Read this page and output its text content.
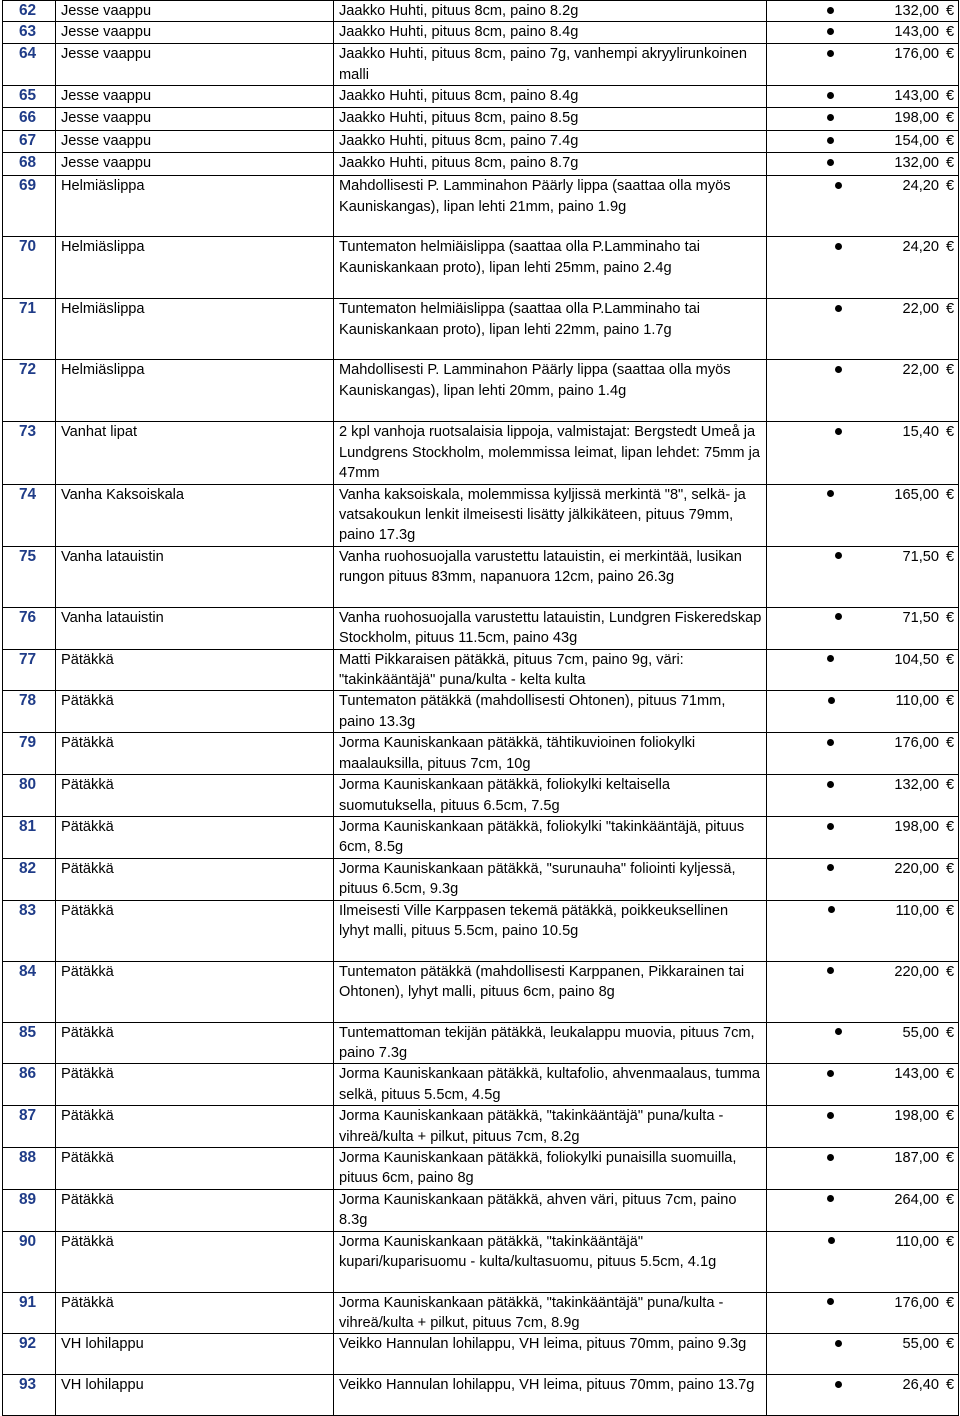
62	Jesse vaappu	Jaakko Huhti, pituus 8cm, paino 8.2g	132,00 €
63	Jesse vaappu	Jaakko Huhti, pituus 8cm, paino 8.4g	143,00 €
64	Jesse vaappu	Jaakko Huhti, pituus 8cm, paino 7g, vanhempi akryylirunkoinen malli	176,00 €
65	Jesse vaappu	Jaakko Huhti, pituus 8cm, paino 8.4g	143,00 €
66	Jesse vaappu	Jaakko Huhti, pituus 8cm, paino 8.5g	198,00 €
67	Jesse vaappu	Jaakko Huhti, pituus 8cm, paino 7.4g	154,00 €
68	Jesse vaappu	Jaakko Huhti, pituus 8cm, paino 8.7g	132,00 €
69	Helmiäslippa	Mahdollisesti P. Lamminahon Päärly lippa (saattaa olla myös Kauniskangas), lipan lehti 21mm, paino 1.9g	24,20 €
70	Helmiäslippa	Tuntematon helmiäislippa (saattaa olla P.Lamminaho tai Kauniskankaan proto), lipan lehti 25mm, paino 2.4g	24,20 €
71	Helmiäslippa	Tuntematon helmiäislippa (saattaa olla P.Lamminaho tai Kauniskankaan proto), lipan lehti 22mm, paino 1.7g	22,00 €
72	Helmiäslippa	Mahdollisesti P. Lamminahon Päärly lippa (saattaa olla myös Kauniskangas), lipan lehti 20mm, paino 1.4g	22,00 €
73	Vanhat lipat	2 kpl vanhoja ruotsalaisia lippoja, valmistajat: Bergstedt Umeå ja Lundgrens Stockholm, molemmissa leimat, lipan lehdet: 75mm ja 47mm	15,40 €
74	Vanha Kaksoiskala	Vanha kaksoiskala, molemmissa kyljissä merkintä "8", selkä- ja vatsakoukun lenkit ilmeisesti lisätty jälkikäteen, pituus 79mm, paino 17.3g	165,00 €
75	Vanha latauistin	Vanha ruohosuojalla varustettu latauistin, ei merkintää, lusikan rungon pituus 83mm, napanuora 12cm, paino 26.3g	71,50 €
76	Vanha latauistin	Vanha ruohosuojalla varustettu latauistin, Lundgren Fiskeredskap Stockholm, pituus 11.5cm, paino 43g	71,50 €
77	Pätäkkä	Matti Pikkaraisen pätäkkä, pituus 7cm, paino 9g, väri: "takinkääntäjä" puna/kulta - kelta kulta	104,50 €
78	Pätäkkä	Tuntematon pätäkkä (mahdollisesti Ohtonen), pituus 71mm, paino 13.3g	110,00 €
79	Pätäkkä	Jorma Kauniskankaan pätäkkä, tähtikuvioinen foliokylki maalauksilla, pituus 7cm, 10g	176,00 €
80	Pätäkkä	Jorma Kauniskankaan pätäkkä, foliokylki keltaisella suomutuksella, pituus 6.5cm, 7.5g	132,00 €
81	Pätäkkä	Jorma Kauniskankaan pätäkkä, foliokylki "takinkääntäjä, pituus 6cm, 8.5g	198,00 €
82	Pätäkkä	Jorma Kauniskankaan pätäkkä, "surunauha" foliointi kyljessä, pituus 6.5cm, 9.3g	220,00 €
83	Pätäkkä	Ilmeisesti Ville Karppasen tekemä pätäkkä, poikkeuksellinen lyhyt malli, pituus 5.5cm, paino 10.5g	110,00 €
84	Pätäkkä	Tuntematon pätäkkä (mahdollisesti Karppanen, Pikkarainen tai Ohtonen), lyhyt malli, pituus 6cm, paino 8g	220,00 €
85	Pätäkkä	Tuntemattoman tekijän pätäkkä, leukalappu muovia, pituus 7cm, paino 7.3g	55,00 €
86	Pätäkkä	Jorma Kauniskankaan pätäkkä, kultafolio, ahvenmaalaus, tumma selkä, pituus 5.5cm, 4.5g	143,00 €
87	Pätäkkä	Jorma Kauniskankaan pätäkkä, "takinkääntäjä" puna/kulta - vihreä/kulta + pilkut, pituus 7cm, 8.2g	198,00 €
88	Pätäkkä	Jorma Kauniskankaan pätäkkä, foliokylki punaisilla suomuilla, pituus 6cm, paino 8g	187,00 €
89	Pätäkkä	Jorma Kauniskankaan pätäkkä, ahven väri, pituus 7cm, paino 8.3g	264,00 €
90	Pätäkkä	Jorma Kauniskankaan pätäkkä, "takinkääntäjä" kupari/kuparisuomu - kulta/kultasuomu, pituus 5.5cm, 4.1g	110,00 €
91	Pätäkkä	Jorma Kauniskankaan pätäkkä, "takinkääntäjä" puna/kulta - vihreä/kulta + pilkut, pituus 7cm, 8.9g	176,00 €
92	VH lohilappu	Veikko Hannulan lohilappu, VH leima, pituus 70mm, paino 9.3g	55,00 €
93	VH lohilappu	Veikko Hannulan lohilappu, VH leima, pituus 70mm, paino 13.7g	26,40 €
